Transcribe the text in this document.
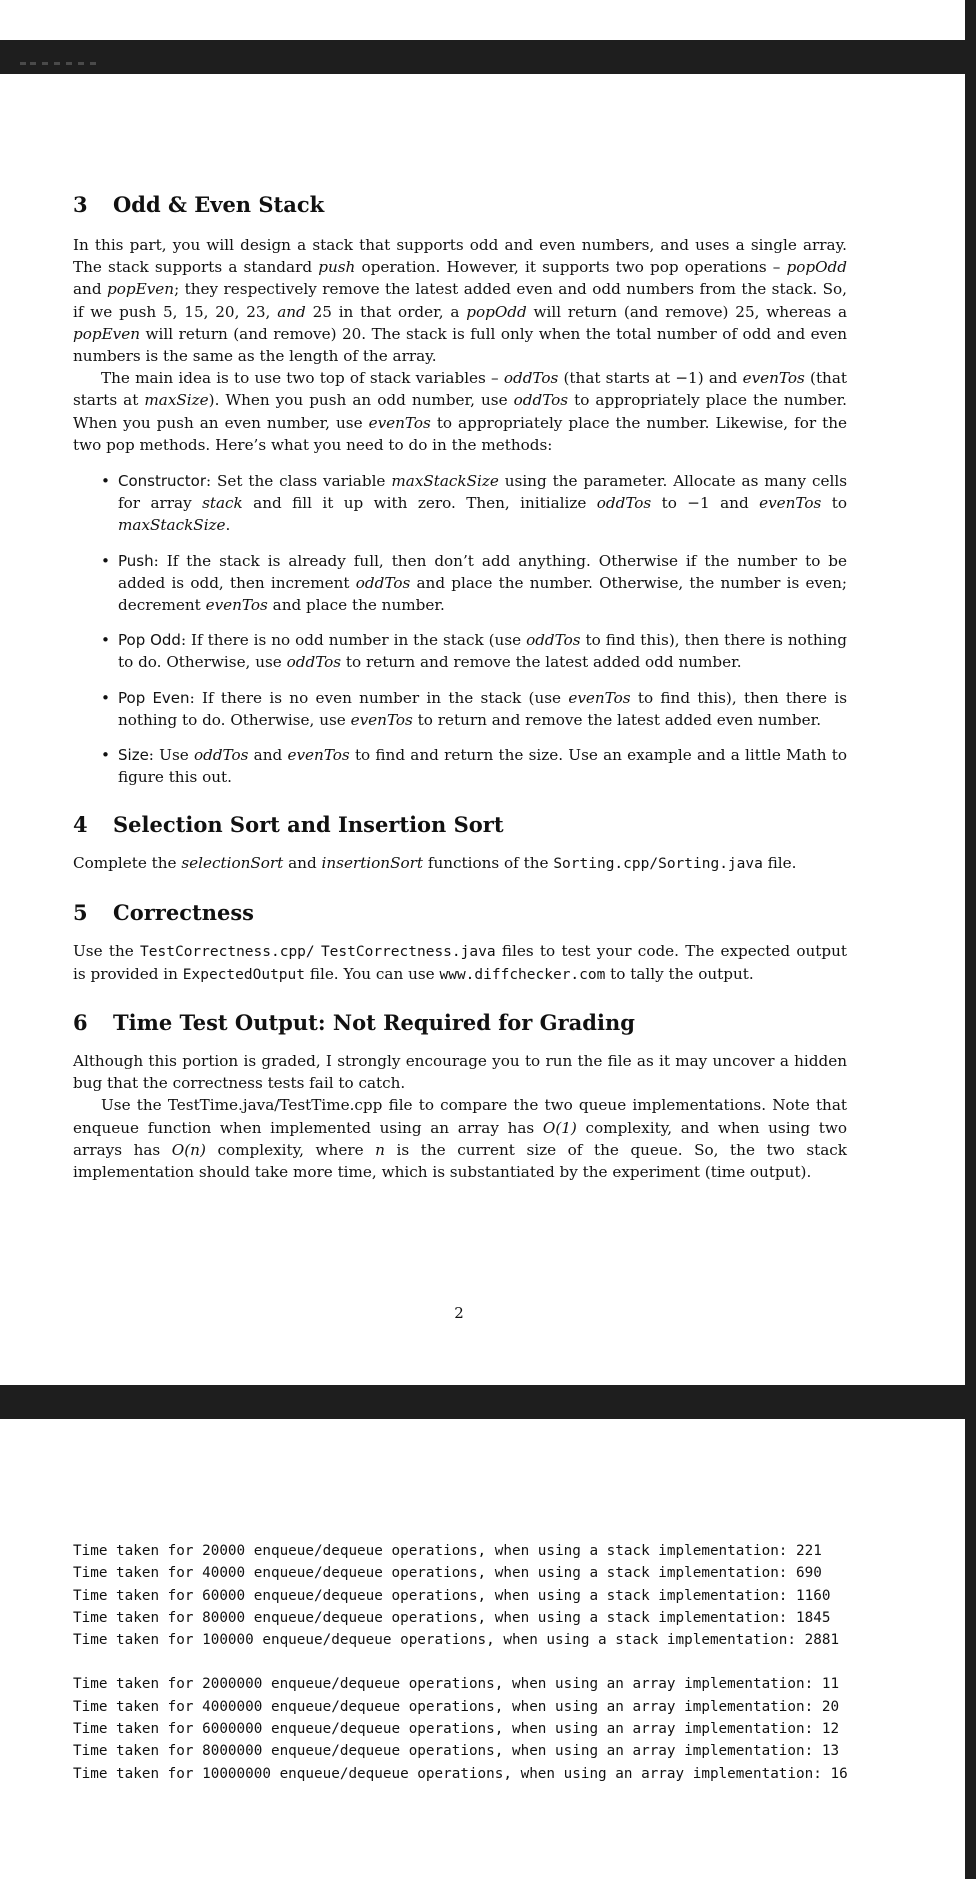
3 Odd & Even Stack

In this part, you will design a stack that supports odd and even numbers, and uses a single array. The stack supports a standard push operation. However, it supports two pop operations – popOdd and popEven; they respectively remove the latest added even and odd numbers from the stack. So, if we push 5, 15, 20, 23, and 25 in that order, a popOdd will return (and remove) 25, whereas a popEven will return (and remove) 20. The stack is full only when the total number of odd and even numbers is the same as the length of the array.

The main idea is to use two top of stack variables – oddTos (that starts at −1) and evenTos (that starts at maxSize). When you push an odd number, use oddTos to appropriately place the number. When you push an even number, use evenTos to appropriately place the number. Likewise, for the two pop methods. Here’s what you need to do in the methods:

• Constructor: Set the class variable maxStackSize using the parameter. Allocate as many cells for array stack and fill it up with zero. Then, initialize oddTos to −1 and evenTos to maxStackSize.
• Push: If the stack is already full, then don’t add anything. Otherwise if the number to be added is odd, then increment oddTos and place the number. Otherwise, the number is even; decrement evenTos and place the number.
• Pop Odd: If there is no odd number in the stack (use oddTos to find this), then there is nothing to do. Otherwise, use oddTos to return and remove the latest added odd number.
• Pop Even: If there is no even number in the stack (use evenTos to find this), then there is nothing to do. Otherwise, use evenTos to return and remove the latest added even number.
• Size: Use oddTos and evenTos to find and return the size. Use an example and a little Math to figure this out.
4 Selection Sort and Insertion Sort

Complete the selectionSort and insertionSort functions of the Sorting.cpp/Sorting.java file.

5 Correctness

Use the TestCorrectness.cpp/ TestCorrectness.java files to test your code. The expected output is provided in ExpectedOutput file. You can use www.diffchecker.com to tally the output.

6 Time Test Output: Not Required for Grading

Although this portion is graded, I strongly encourage you to run the file as it may uncover a hidden bug that the correctness tests fail to catch.

Use the TestTime.java/TestTime.cpp file to compare the two queue implementations. Note that enqueue function when implemented using an array has O(1) complexity, and when using two arrays has O(n) complexity, where n is the current size of the queue. So, the two stack implementation should take more time, which is substantiated by the experiment (time output).

2
Time taken for 20000 enqueue/dequeue operations, when using a stack implementation: 221
Time taken for 40000 enqueue/dequeue operations, when using a stack implementation: 690
Time taken for 60000 enqueue/dequeue operations, when using a stack implementation: 1160
Time taken for 80000 enqueue/dequeue operations, when using a stack implementation: 1845
Time taken for 100000 enqueue/dequeue operations, when using a stack implementation: 2881
Time taken for 2000000 enqueue/dequeue operations, when using an array implementation: 11
Time taken for 4000000 enqueue/dequeue operations, when using an array implementation: 20
Time taken for 6000000 enqueue/dequeue operations, when using an array implementation: 12
Time taken for 8000000 enqueue/dequeue operations, when using an array implementation: 13
Time taken for 10000000 enqueue/dequeue operations, when using an array implementation: 16
